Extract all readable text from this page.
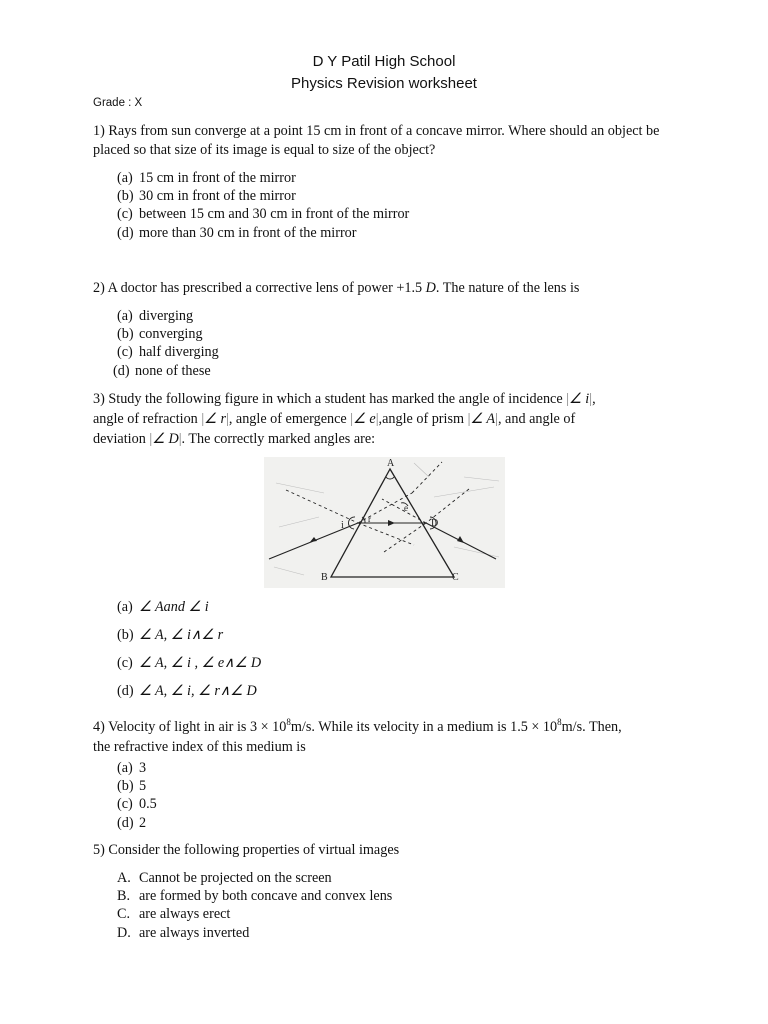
D Y Patil High School
Physics Revision worksheet
Grade : X
1) Rays from sun converge at a point 15 cm in front of a concave mirror. Where should an object be placed so that size of its image is equal to size of the object?
(a) 15 cm in front of the mirror
(b) 30 cm in front of the mirror
(c) between 15 cm and 30 cm in front of the mirror
(d) more than 30 cm in front of the mirror
2) A doctor has prescribed a corrective lens of power +1.5 D. The nature of the lens is
(a) diverging
(b) converging
(c) half diverging
(d) none of these
3) Study the following figure in which a student has marked the angle of incidence |∠ i|,
angle of refraction |∠ r|, angle of emergence |∠ e|,angle of prism |∠ A|, and angle of
deviation |∠ D|. The correctly marked angles are:
A
B	C
i
r
e
D
(a) ∠ Aand ∠ i
(b) ∠ A, ∠ i∧∠ r
(c) ∠ A, ∠ i , ∠ e∧∠ D
(d) ∠ A, ∠ i, ∠ r∧∠ D
4) Velocity of light in air is $3 \times 10^8m/s$. While its velocity in a medium is $1.5 \times 10^8m/s$. Then,
the refractive index of this medium is
(a) 3
(b) 5
(c) 0.5
(d) 2
5) Consider the following properties of virtual images
A. Cannot be projected on the screen
B. are formed by both concave and convex lens
C. are always erect
D. are always inverted
